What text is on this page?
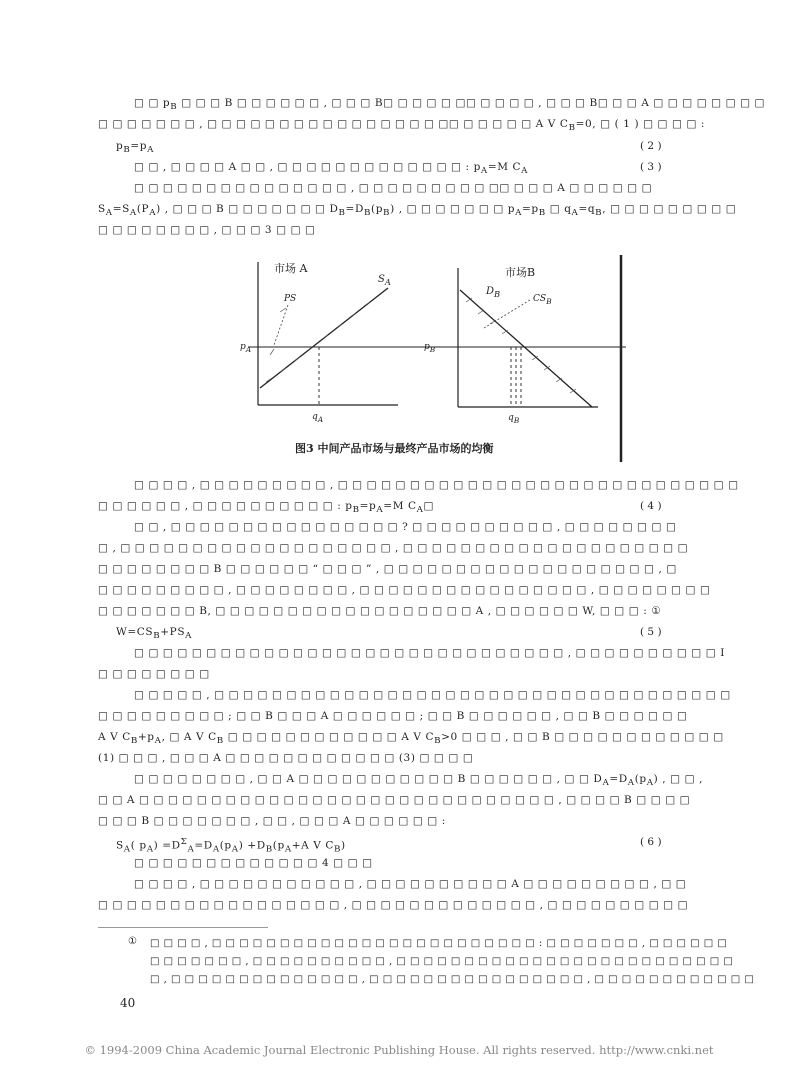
□ □ $p_B$ □ □ □ B □ □ □ □ □ □ , □ □ □ B□ □ □ □ □ □□ □ □ □ □ , □ □ □ B□ □ □ A □ □ □ □ □ □ □ □
□ □ □ □ □ □ □ , □ □ □ □ □ □ □ □ □ □ □ □ □ □ □ □ □□ □ □ □ □ □ A V $C_B=0$, □ ( 1 ) □ □ □ □ :
$p_B=p_A$	( 2 )
□ □ , □ □ □ □ A □ □ , □ □ □ □ □ □ □ □ □ □ □ □ □ : $p_A=M$ $C_A$	( 3 )
□ □ □ □ □ □ □ □ □ □ □ □ □ □ □ , □ □ □ □ □ □ □ □ □ □□ □ □ □ A □ □ □ □ □ □
$S_A=S_A(P_A)$ , □ □ □ B □ □ □ □ □ □ □ $D_B=D_B(p_B)$ , □ □ □ □ □ □ □ $p_A=p_B$ □ $q_A=q_B$, □ □ □ □ □ □ □ □ □
□ □ □ □ □ □ □ □ , □ □ □ 3 □ □ □
市场 A	市场B
$S_A$
PS
$p_A$
$q_A$
$D_B$	$CS_B$
$p_B$
$q_B$
图3 中间产品市场与最终产品市场的均衡
□ □ □ □ , □ □ □ □ □ □ □ □ □ , □ □ □ □ □ □ □ □ □ □ □ □ □ □ □ □ □ □ □ □ □ □ □ □ □ □ □ □
□ □ □ □ □ □ , □ □ □ □ □ □ □ □ □ □ : $p_B=p_A=M$ $C_A□$	( 4 )
□ □ , □ □ □ □ □ □ □ □ □ □ □ □ □ □ □ □ ? □ □ □ □ □ □ □ □ □ □ , □ □ □ □ □ □ □ □
□ , □ □ □ □ □ □ □ □ □ □ □ □ □ □ □ □ □ □ □ , □ □ □ □ □ □ □ □ □ □ □ □ □ □ □ □ □ □ □ □
□ □ □ □ □ □ □ □ B □ □ □ □ □ □ “ □ □ □ ” , □ □ □ □ □ □ □ □ □ □ □ □ □ □ □ □ □ □ □ , □
□ □ □ □ □ □ □ □ □ , □ □ □ □ □ □ □ □ , □ □ □ □ □ □ □ □ □ □ □ □ □ □ □ □ , □ □ □ □ □ □ □ □
□ □ □ □ □ □ □ B, □ □ □ □ □ □ □ □ □ □ □ □ □ □ □ □ □ □ A , □ □ □ □ □ □ W, □ □ □ : ①
$W=CS_B+PS_A$	( 5 )
□ □ □ □ □ □ □ □ □ □ □ □ □ □ □ □ □ □ □ □ □ □ □ □ □ □ □ □ □ □ , □ □ □ □ □ □ □ □ □ □ I
□ □ □ □ □ □ □ □
□ □ □ □ □ , □ □ □ □ □ □ □ □ □ □ □ □ □ □ □ □ □ □ □ □ □ □ □ □ □ □ □ □ □ □ □ □ □ □ □ □
□ □ □ □ □ □ □ □ □ ; □ □ B □ □ □ A □ □ □ □ □ □ ; □ □ B □ □ □ □ □ □ , □ □ B □ □ □ □ □ □
A V $C_B+p_A$, □ A V $C_B$ □ □ □ □ □ □ □ □ □ □ □ □ A V $C_B>0$ □ □ □ , □ □ B □ □ □ □ □ □ □ □ □ □ □ □
(1) □ □ □ , □ □ □ A □ □ □ □ □ □ □ □ □ □ □ □ (3) □ □ □ □
□ □ □ □ □ □ □ □ , □ □ A □ □ □ □ □ □ □ □ □ □ □ B □ □ □ □ □ □ , □ □ $D_A=D_A(p_A)$ , □ □ ,
□ □ A □ □ □ □ □ □ □ □ □ □ □ □ □ □ □ □ □ □ □ □ □ □ □ □ □ □ □ □ □ , □ □ □ □ B □ □ □ □
□ □ □ B □ □ □ □ □ □ □ , □ □ , □ □ □ A □ □ □ □ □ □ :
$S_A$( $p_A) =D^\Sigma_A=D_A(p_A) +D_B(p_A+A$ V $C_B$)	( 6 )
□ □ □ □ □ □ □ □ □ □ □ □ □ 4 □ □ □
□ □ □ □ , □ □ □ □ □ □ □ □ □ □ □ , □ □ □ □ □ □ □ □ □ □ A □ □ □ □ □ □ □ □ □ , □ □
□ □ □ □ □ □ □ □ □ □ □ □ □ □ □ □ □ , □ □ □ □ □ □ □ □ □ □ □ □ □ , □ □ □ □ □ □ □ □ □ □
① □ □ □ □ , □ □ □ □ □ □ □ □ □ □ □ □ □ □ □ □ □ □ □ □ □ □ □ □ : □ □ □ □ □ □ □ , □ □ □ □ □ □
□ □ □ □ □ □ □ , □ □ □ □ □ □ □ □ □ □ , □ □ □ □ □ □ □ □ □ □ □ □ □ □ □ □ □ □ □ □ □ □ □ □ □
□ , □ □ □ □ □ □ □ □ □ □ □ □ □ □ , □ □ □ □ □ □ □ □ □ □ □ □ □ □ □ □ , □ □ □ □ □ □ □ □ □ □ □ □
40
© 1994-2009 China Academic Journal Electronic Publishing House. All rights reserved. http://www.cnki.net
